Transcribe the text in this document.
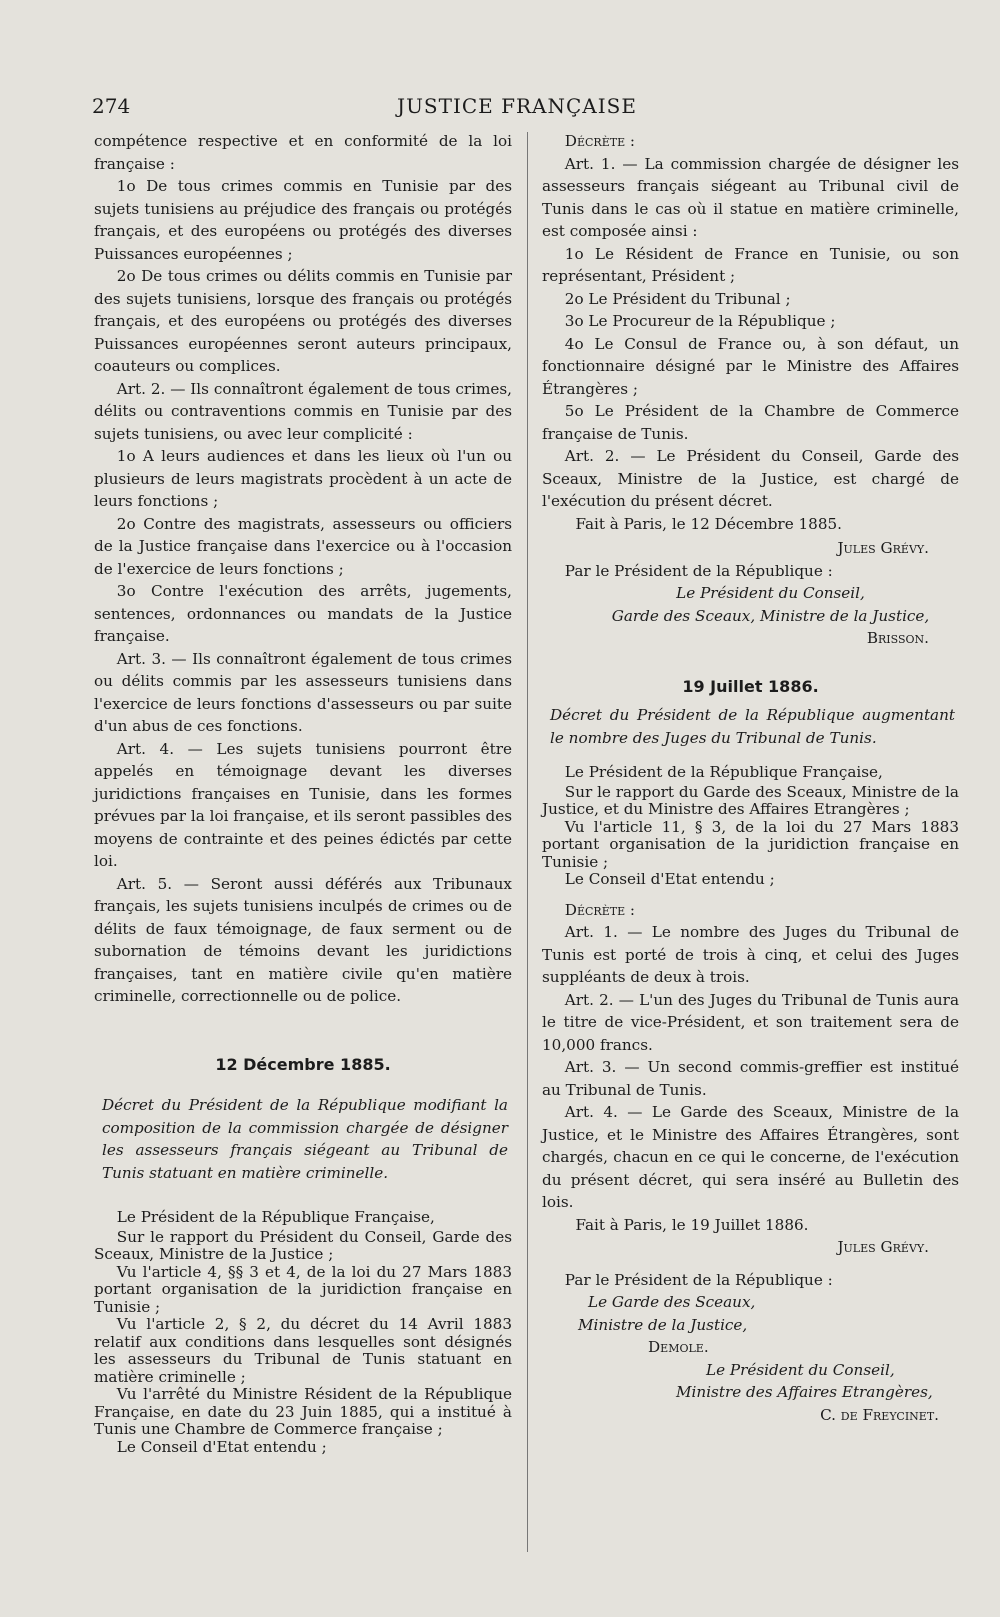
274	JUSTICE FRANÇAISE

compétence respective et en conformité de la loi française :

1o De tous crimes commis en Tunisie par des sujets tunisiens au préjudice des français ou protégés français, et des européens ou protégés des diverses Puissances européennes ;

2o De tous crimes ou délits commis en Tunisie par des sujets tunisiens, lorsque des français ou protégés français, et des européens ou protégés des diverses Puissances européennes seront auteurs principaux, coauteurs ou complices.

Art. 2. — Ils connaîtront également de tous crimes, délits ou contraventions commis en Tunisie par des sujets tunisiens, ou avec leur complicité :

1o A leurs audiences et dans les lieux où l'un ou plusieurs de leurs magistrats procèdent à un acte de leurs fonctions ;

2o Contre des magistrats, assesseurs ou officiers de la Justice française dans l'exercice ou à l'occasion de l'exercice de leurs fonctions ;

3o Contre l'exécution des arrêts, jugements, sentences, ordonnances ou mandats de la Justice française.

Art. 3. — Ils connaîtront également de tous crimes ou délits commis par les assesseurs tunisiens dans l'exercice de leurs fonctions d'assesseurs ou par suite d'un abus de ces fonctions.

Art. 4. — Les sujets tunisiens pourront être appelés en témoignage devant les diverses juridictions françaises en Tunisie, dans les formes prévues par la loi française, et ils seront passibles des moyens de contrainte et des peines édictés par cette loi.

Art. 5. — Seront aussi déférés aux Tribunaux français, les sujets tunisiens inculpés de crimes ou de délits de faux témoignage, de faux serment ou de subornation de témoins devant les juridictions françaises, tant en matière civile qu'en matière criminelle, correctionnelle ou de police.

12 Décembre 1885.

Décret du Président de la République modifiant la composition de la commission chargée de désigner les assesseurs français siégeant au Tribunal de Tunis statuant en matière criminelle.

Le Président de la République Française,

Sur le rapport du Président du Conseil, Garde des Sceaux, Ministre de la Justice ;

Vu l'article 4, §§ 3 et 4, de la loi du 27 Mars 1883 portant organisation de la juridiction française en Tunisie ;

Vu l'article 2, § 2, du décret du 14 Avril 1883 relatif aux conditions dans lesquelles sont désignés les assesseurs du Tribunal de Tunis statuant en matière criminelle ;

Vu l'arrêté du Ministre Résident de la République Française, en date du 23 Juin 1885, qui a institué à Tunis une Chambre de Commerce française ;

Le Conseil d'Etat entendu ;

Décrète :

Art. 1. — La commission chargée de désigner les assesseurs français siégeant au Tribunal civil de Tunis dans le cas où il statue en matière criminelle, est composée ainsi :

1o Le Résident de France en Tunisie, ou son représentant, Président ;

2o Le Président du Tribunal ;

3o Le Procureur de la République ;

4o Le Consul de France ou, à son défaut, un fonctionnaire désigné par le Ministre des Affaires Étrangères ;

5o Le Président de la Chambre de Commerce française de Tunis.

Art. 2. — Le Président du Conseil, Garde des Sceaux, Ministre de la Justice, est chargé de l'exécution du présent décret.

Fait à Paris, le 12 Décembre 1885.

Jules Grévy.

Par le Président de la République :

Le Président du Conseil,

Garde des Sceaux, Ministre de la Justice,

Brisson.

19 Juillet 1886.

Décret du Président de la République augmentant le nombre des Juges du Tribunal de Tunis.

Le Président de la République Française,

Sur le rapport du Garde des Sceaux, Ministre de la Justice, et du Ministre des Affaires Etrangères ;

Vu l'article 11, § 3, de la loi du 27 Mars 1883 portant organisation de la juridiction française en Tunisie ;

Le Conseil d'Etat entendu ;

Décrète :

Art. 1. — Le nombre des Juges du Tribunal de Tunis est porté de trois à cinq, et celui des Juges suppléants de deux à trois.

Art. 2. — L'un des Juges du Tribunal de Tunis aura le titre de vice-Président, et son traitement sera de 10,000 francs.

Art. 3. — Un second commis-greffier est institué au Tribunal de Tunis.

Art. 4. — Le Garde des Sceaux, Ministre de la Justice, et le Ministre des Affaires Étrangères, sont chargés, chacun en ce qui le concerne, de l'exécution du présent décret, qui sera inséré au Bulletin des lois.

Fait à Paris, le 19 Juillet 1886.

Jules Grévy.

Par le Président de la République :

Le Garde des Sceaux,

Ministre de la Justice,

Demole.

Le Président du Conseil,

Ministre des Affaires Etrangères,

C. de Freycinet.
